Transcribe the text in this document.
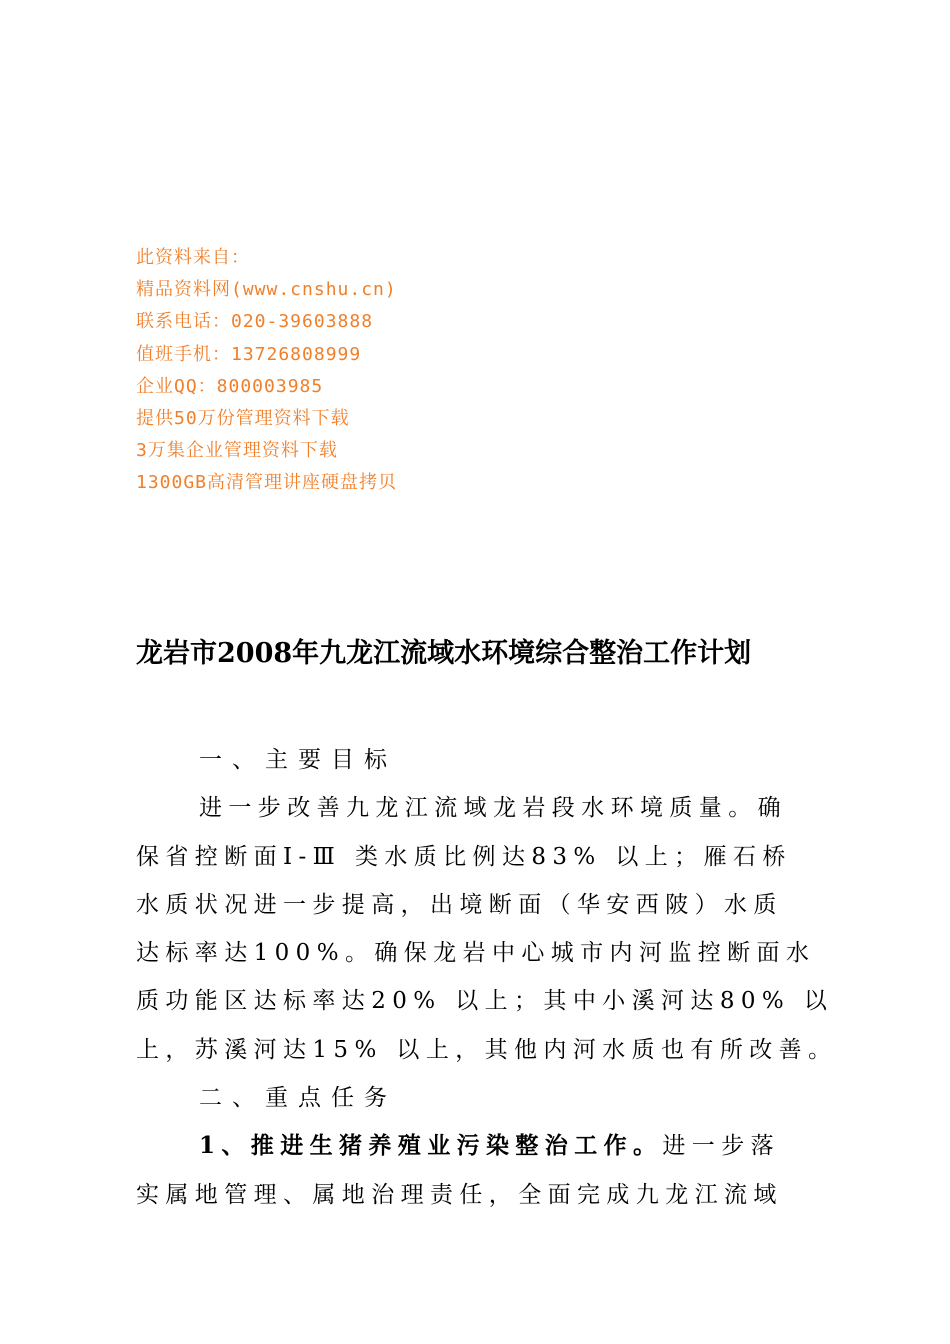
此资料来自：
精品资料网(www.cnshu.cn)
联系电话：020-39603888
值班手机：13726808999
企业QQ：800003985
提供50万份管理资料下载
3万集企业管理资料下载
1300GB高清管理讲座硬盘拷贝
龙岩市2008年九龙江流域水环境综合整治工作计划
一、主要目标
进一步改善九龙江流域龙岩段水环境质量。确
保省控断面Ⅰ-Ⅲ 类水质比例达83% 以上；雁石桥
水质状况进一步提高，出境断面（华安西陂）水质
达标率达100%。确保龙岩中心城市内河监控断面水
质功能区达标率达20% 以上；其中小溪河达80% 以
上，苏溪河达15% 以上，其他内河水质也有所改善。
二、重点任务
1、推进生猪养殖业污染整治工作。进一步落
实属地管理、属地治理责任，全面完成九龙江流域
